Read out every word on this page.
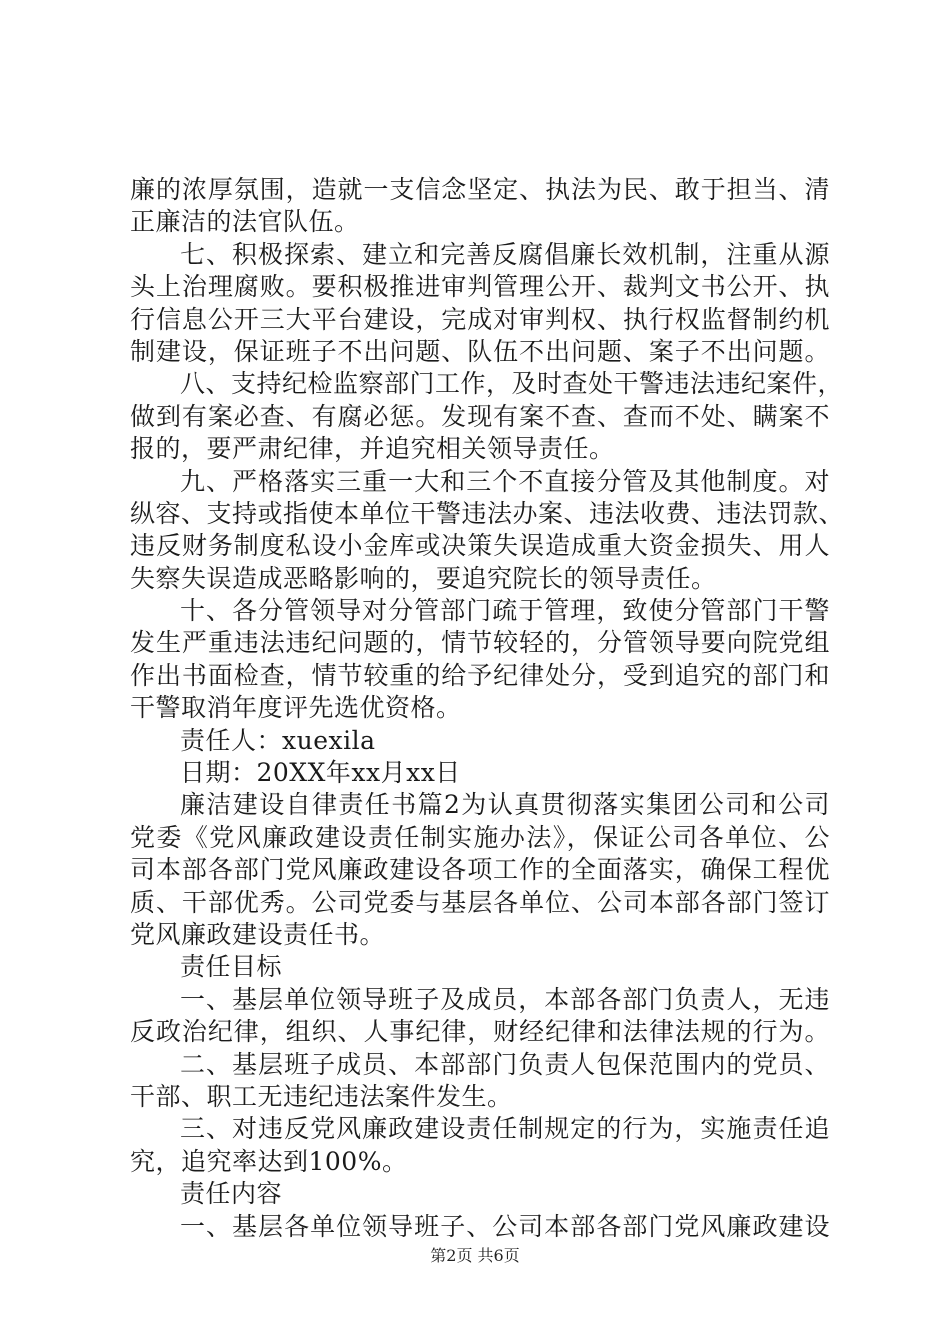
廉的浓厚氛围，造就一支信念坚定、执法为民、敢于担当、清
正廉洁的法官队伍。
七、积极探索、建立和完善反腐倡廉长效机制，注重从源
头上治理腐败。要积极推进审判管理公开、裁判文书公开、执
行信息公开三大平台建设，完成对审判权、执行权监督制约机
制建设，保证班子不出问题、队伍不出问题、案子不出问题。
八、支持纪检监察部门工作，及时查处干警违法违纪案件，
做到有案必查、有腐必惩。发现有案不查、查而不处、瞒案不
报的，要严肃纪律，并追究相关领导责任。
九、严格落实三重一大和三个不直接分管及其他制度。对
纵容、支持或指使本单位干警违法办案、违法收费、违法罚款、
违反财务制度私设小金库或决策失误造成重大资金损失、用人
失察失误造成恶略影响的，要追究院长的领导责任。
十、各分管领导对分管部门疏于管理，致使分管部门干警
发生严重违法违纪问题的，情节较轻的，分管领导要向院党组
作出书面检查，情节较重的给予纪律处分，受到追究的部门和
干警取消年度评先选优资格。
责任人：xuexila
日期：20XX年xx月xx日
廉洁建设自律责任书篇2为认真贯彻落实集团公司和公司
党委《党风廉政建设责任制实施办法》，保证公司各单位、公
司本部各部门党风廉政建设各项工作的全面落实，确保工程优
质、干部优秀。公司党委与基层各单位、公司本部各部门签订
党风廉政建设责任书。
责任目标
一、基层单位领导班子及成员，本部各部门负责人，无违
反政治纪律，组织、人事纪律，财经纪律和法律法规的行为。
二、基层班子成员、本部部门负责人包保范围内的党员、
干部、职工无违纪违法案件发生。
三、对违反党风廉政建设责任制规定的行为，实施责任追
究，追究率达到100%。
责任内容
一、基层各单位领导班子、公司本部各部门党风廉政建设
第2页 共6页
